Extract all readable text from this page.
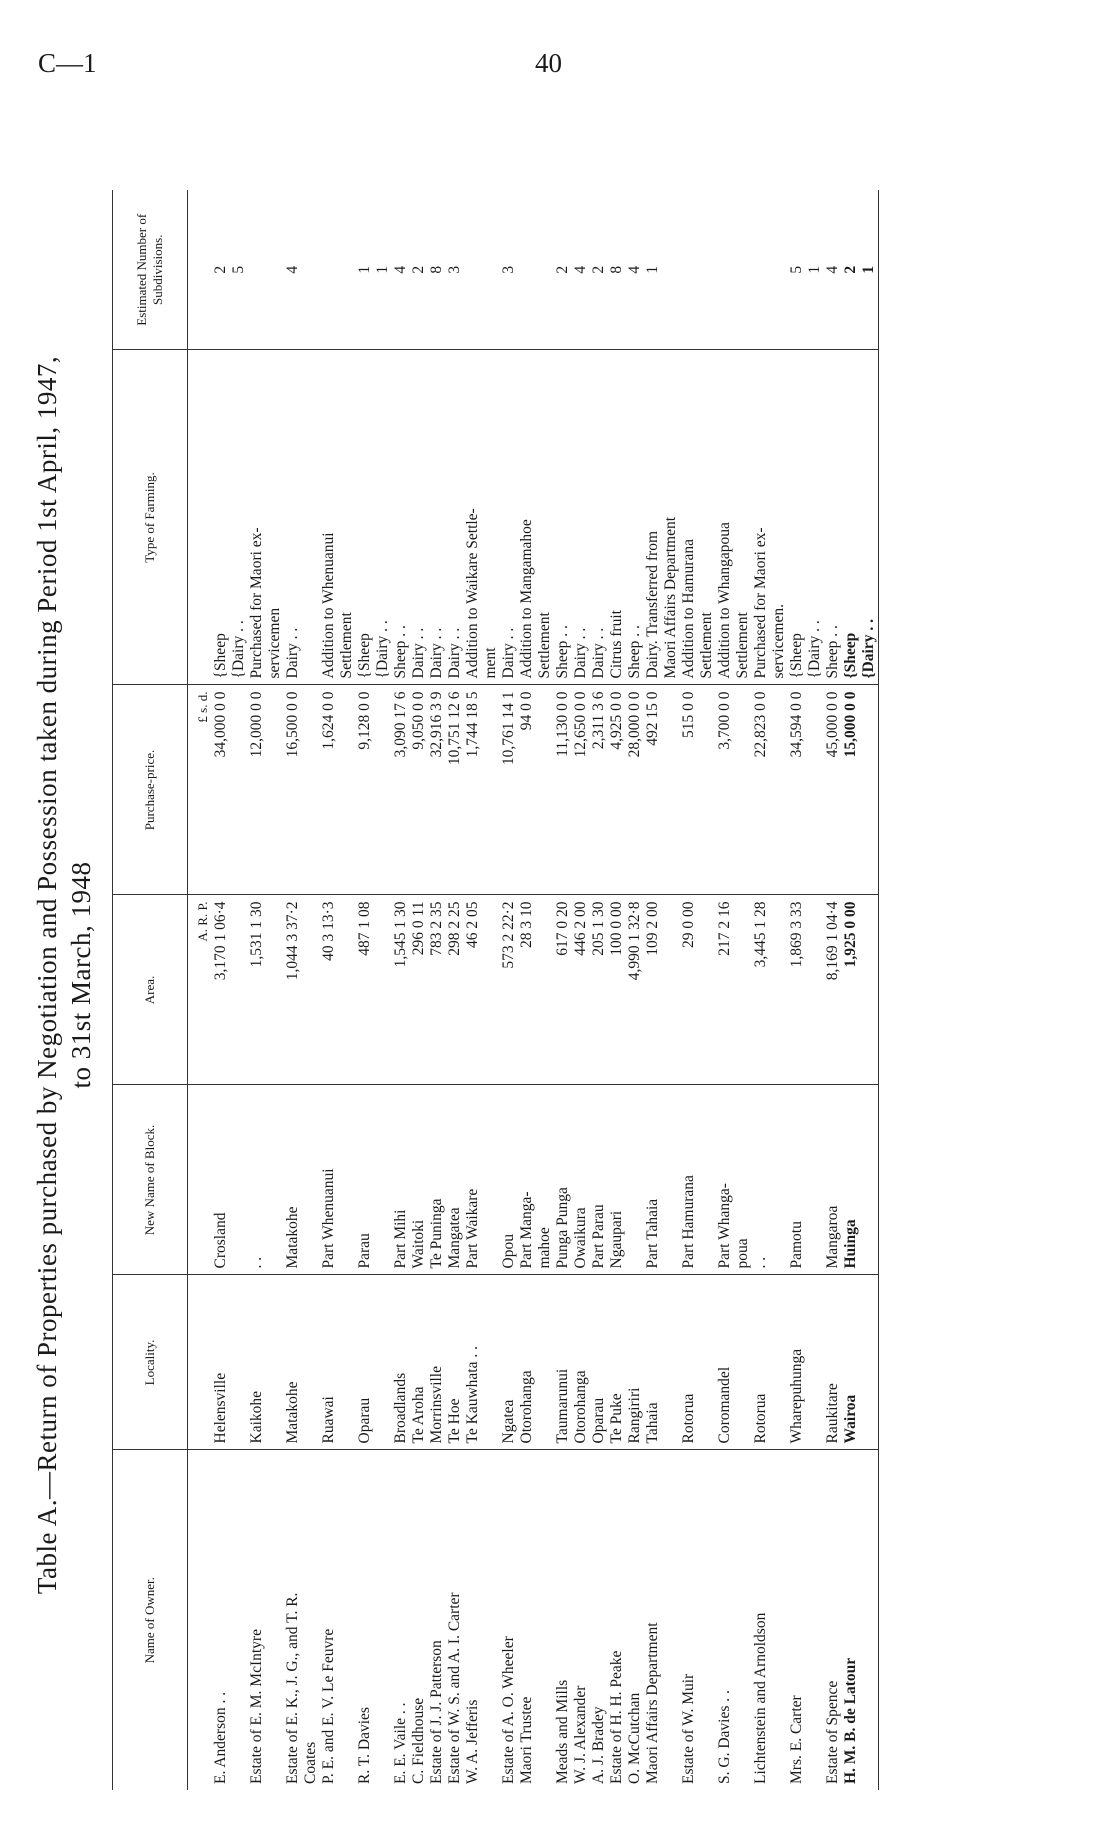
C—1	40
Table A.—Return of Properties purchased by Negotiation and Possession taken during Period 1st April, 1947, to 31st March, 1948
Name of Owner.	Locality.	New Name of Block.	Area.	Purchase-price.	Type of Farming.	Estimated Number of Subdivisions.
			A. R. P.	£ s. d.		
E. Anderson . .	Helensville	Crosland	3,170 1 06·4	34,000 0 0	{Sheep	2
					{Dairy . .	5
Estate of E. M. McIntyre	Kaikohe	. .	1,531 1 30	12,000 0 0	Purchased for Maori ex-	
					servicemen	
Estate of E. K., J. G., and T. R.	Matakohe	Matakohe	1,044 3 37·2	16,500 0 0	Dairy . .	4
Coates						
P. E. and E. V. Le Feuvre	Ruawai	Part Whenuanui	40 3 13·3	1,624 0 0	Addition to Whenuanui	
					Settlement	
R. T. Davies	Oparau	Parau	487 1 08	9,128 0 0	{Sheep	1
					{Dairy . .	1
E. E. Vaile . .	Broadlands	Part Mihi	1,545 1 30	3,090 17 6	Sheep . .	4
C. Fieldhouse	Te Aroha	Waitoki	296 0 11	9,050 0 0	Dairy . .	2
Estate of J. J. Patterson	Morrinsville	Te Puninga	783 2 35	32,916 3 9	Dairy . .	8
Estate of W. S. and A. I. Carter	Te Hoe	Mangatea	298 2 25	10,751 12 6	Dairy . .	3
W. A. Jefferis	Te Kauwhata . .	Part Waikare	46 2 05	1,744 18 5	Addition to Waikare Settle-	
					ment	
Estate of A. O. Wheeler	Ngatea	Opou	573 2 22·2	10,761 14 1	Dairy . .	3
Maori Trustee	Otorohanga	Part Manga-	28 3 10	94 0 0	Addition to Mangamahoe	
		mahoe			Settlement	
Meads and Mills	Taumarunui	Punga Punga	617 0 20	11,130 0 0	Sheep . .	2
W. J. Alexander	Otorohanga	Owaikura	446 2 00	12,650 0 0	Dairy . .	4
A. J. Bradey	Oparau	Part Parau	205 1 30	2,311 3 6	Dairy . .	2
Estate of H. H. Peake	Te Puke	Ngaupari	100 0 00	4,925 0 0	Citrus fruit	8
O. McCutchan	Rangiriri		4,990 1 32·8	28,000 0 0	Sheep . .	4
Maori Affairs Department	Tahaia	Part Tahaia	109 2 00	492 15 0	Dairy. Transferred from	1
					Maori Affairs Department	
Estate of W. Muir	Rotorua	Part Hamurana	29 0 00	515 0 0	Addition to Hamurana	
					Settlement	
S. G. Davies . .	Coromandel	Part Whanga-	217 2 16	3,700 0 0	Addition to Whangapoua	
		poua			Settlement	
Lichtenstein and Arnoldson	Rotorua	. .	3,445 1 28	22,823 0 0	Purchased for Maori ex-	
					servicemen.	
Mrs. E. Carter	Wharepuhunga	Pamotu	1,869 3 33	34,594 0 0	{Sheep	5
					{Dairy . .	1
Estate of Spence	Raukitare	Mangaroa	8,169 1 04·4	45,000 0 0	Sheep . .	4
H. M. B. de Latour	Wairoa	Huinga	1,925 0 00	15,000 0 0	{Sheep	2
					{Dairy . .	1
